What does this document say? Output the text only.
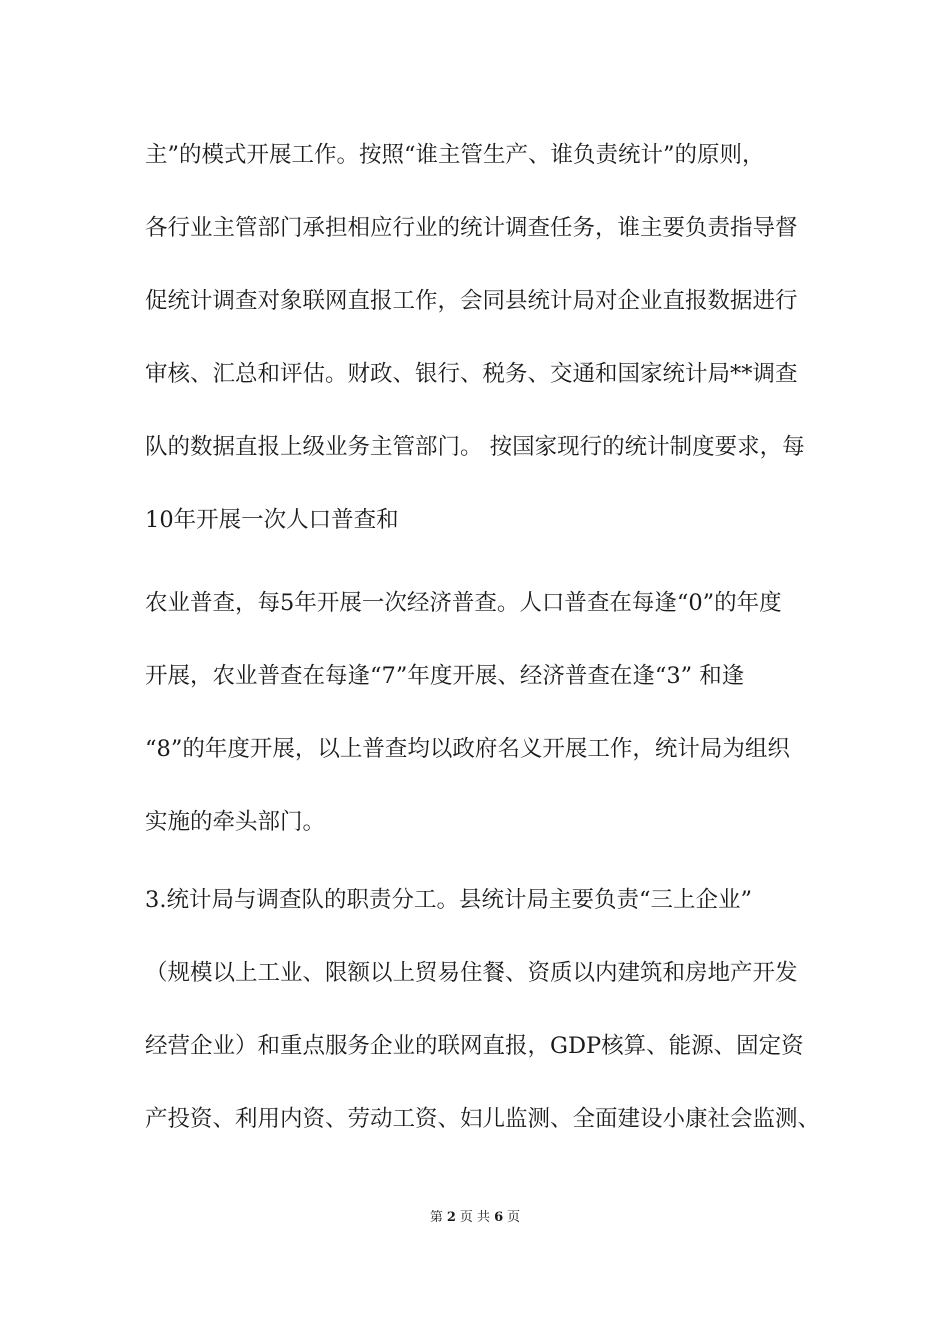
主”的模式开展工作。按照“谁主管生产、谁负责统计”的原则，
各行业主管部门承担相应行业的统计调查任务，谁主要负责指导督
促统计调查对象联网直报工作，会同县统计局对企业直报数据进行
审核、汇总和评估。财政、银行、税务、交通和国家统计局**调查
队的数据直报上级业务主管部门。 按国家现行的统计制度要求，每
10年开展一次人口普查和
农业普查，每5年开展一次经济普查。人口普查在每逢“0”的年度
开展，农业普查在每逢“7”年度开展、经济普查在逢“3” 和逢
“8”的年度开展，以上普查均以政府名义开展工作，统计局为组织
实施的牵头部门。
3.统计局与调查队的职责分工。县统计局主要负责“三上企业”
（规模以上工业、限额以上贸易住餐、资质以内建筑和房地产开发
经营企业）和重点服务企业的联网直报，GDP核算、能源、固定资
产投资、利用内资、劳动工资、妇儿监测、全面建设小康社会监测、
第 2 页 共 6 页
